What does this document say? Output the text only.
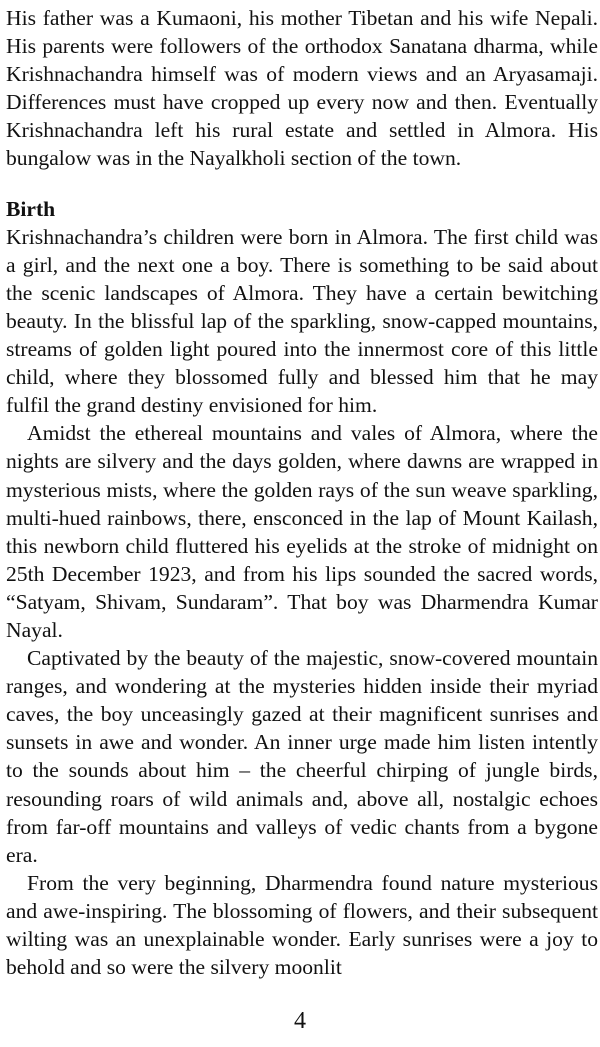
His father was a Kumaoni, his mother Tibetan and his wife Nepali. His parents were followers of the orthodox Sanatana dharma, while Krishnachandra himself was of modern views and an Aryasamaji. Differences must have cropped up every now and then. Eventually Krishnachandra left his rural estate and settled in Almora. His bungalow was in the Nayalkholi section of the town.

Birth

Krishnachandra’s children were born in Almora. The first child was a girl, and the next one a boy. There is something to be said about the scenic landscapes of Almora. They have a certain bewitching beauty. In the blissful lap of the sparkling, snow-capped mountains, streams of golden light poured into the innermost core of this little child, where they blossomed fully and blessed him that he may fulfil the grand destiny envisioned for him.

Amidst the ethereal mountains and vales of Almora, where the nights are silvery and the days golden, where dawns are wrapped in mysterious mists, where the golden rays of the sun weave sparkling, multi-hued rainbows, there, ensconced in the lap of Mount Kailash, this newborn child fluttered his eyelids at the stroke of midnight on 25th December 1923, and from his lips sounded the sacred words, “Satyam, Shivam, Sundaram”. That boy was Dharmendra Kumar Nayal.

Captivated by the beauty of the majestic, snow-covered mountain ranges, and wondering at the mysteries hidden inside their myriad caves, the boy unceasingly gazed at their magnificent sunrises and sunsets in awe and wonder. An inner urge made him listen intently to the sounds about him – the cheerful chirping of jungle birds, resounding roars of wild animals and, above all, nostalgic echoes from far-off mountains and valleys of vedic chants from a bygone era.

From the very beginning, Dharmendra found nature mysterious and awe-inspiring. The blossoming of flowers, and their subsequent wilting was an unexplainable wonder. Early sunrises were a joy to behold and so were the silvery moonlit

4
